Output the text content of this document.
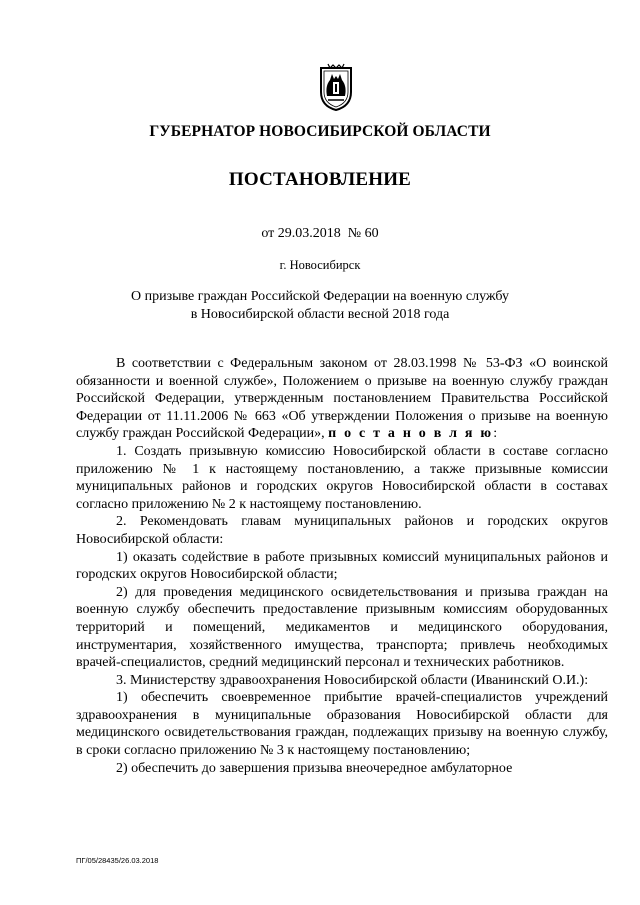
ГУБЕРНАТОР НОВОСИБИРСКОЙ ОБЛАСТИ
ПОСТАНОВЛЕНИЕ
от 29.03.2018  № 60
г. Новосибирск
О призыве граждан Российской Федерации на военную службу
в Новосибирской области весной 2018 года

В соответствии с Федеральным законом от 28.03.1998 № 53-ФЗ «О воинской обязанности и военной службе», Положением о призыве на военную службу граждан Российской Федерации, утвержденным постановлением Правительства Российской Федерации от 11.11.2006 № 663 «Об утверждении Положения о призыве на военную службу граждан Российской Федерации», п о с т а н о в л я ю:

1. Создать призывную комиссию Новосибирской области в составе согласно приложению № 1 к настоящему постановлению, а также призывные комиссии муниципальных районов и городских округов Новосибирской области в составах согласно приложению № 2 к настоящему постановлению.

2. Рекомендовать главам муниципальных районов и городских округов Новосибирской области:

1) оказать содействие в работе призывных комиссий муниципальных районов и городских округов Новосибирской области;

2) для проведения медицинского освидетельствования и призыва граждан на военную службу обеспечить предоставление призывным комиссиям оборудованных территорий и помещений, медикаментов и медицинского оборудования, инструментария, хозяйственного имущества, транспорта; привлечь необходимых врачей-специалистов, средний медицинский персонал и технических работников.

3. Министерству здравоохранения Новосибирской области (Иванинский О.И.):

1) обеспечить своевременное прибытие врачей-специалистов учреждений здравоохранения в муниципальные образования Новосибирской области для медицинского освидетельствования граждан, подлежащих призыву на военную службу, в сроки согласно приложению № 3 к настоящему постановлению;

2) обеспечить до завершения призыва внеочередное амбулаторное

ПГ/05/28435/26.03.2018
